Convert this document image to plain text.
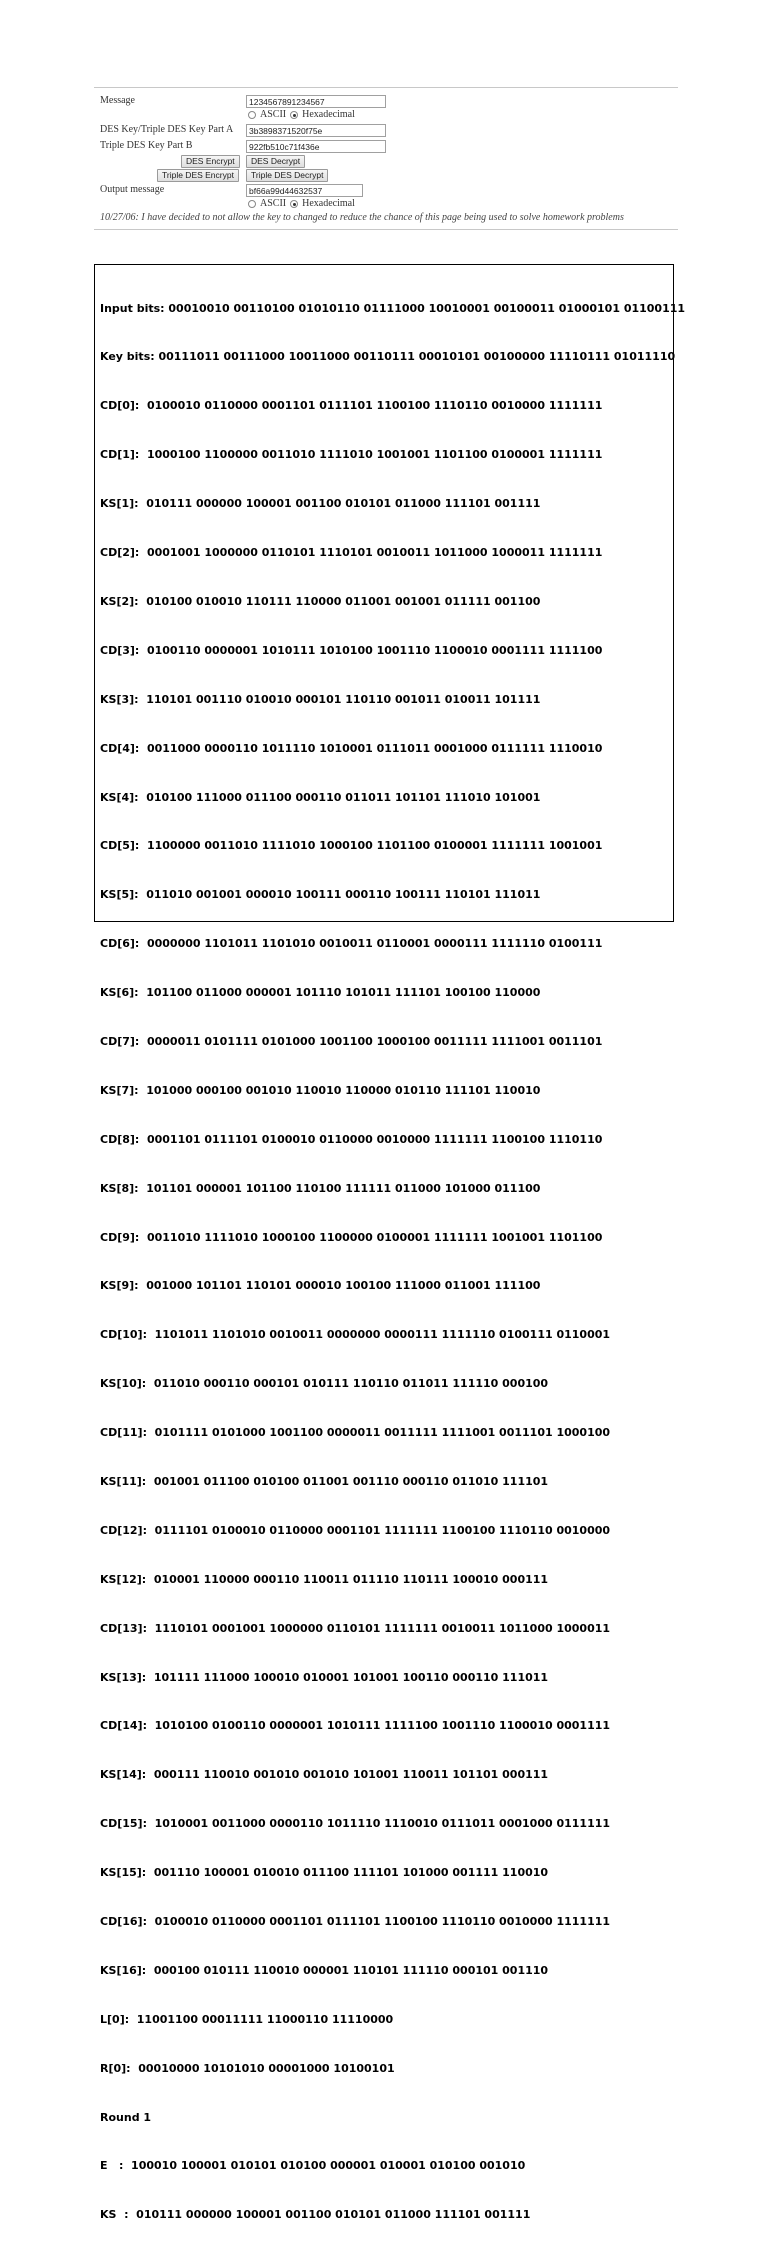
Message
1234567891234567
ASCII Hexadecimal
DES Key/Triple DES Key Part A
3b3898371520f75e
Triple DES Key Part B
922fb510c71f436e
DES Encrypt	DES Decrypt
Triple DES Encrypt	Triple DES Decrypt
Output message
bf66a99d44632537
ASCII Hexadecimal
10/27/06: I have decided to not allow the key to changed to reduce the chance of this page being used to solve homework problems

Input bits: 00010010 00110100 01010110 01111000 10010001 00100011 01000101 01100111

Key bits: 00111011 00111000 10011000 00110111 00010101 00100000 11110111 01011110

CD[0]:  0100010 0110000 0001101 0111101 1100100 1110110 0010000 1111111

CD[1]:  1000100 1100000 0011010 1111010 1001001 1101100 0100001 1111111

KS[1]:  010111 000000 100001 001100 010101 011000 111101 001111

CD[2]:  0001001 1000000 0110101 1110101 0010011 1011000 1000011 1111111

KS[2]:  010100 010010 110111 110000 011001 001001 011111 001100

CD[3]:  0100110 0000001 1010111 1010100 1001110 1100010 0001111 1111100

KS[3]:  110101 001110 010010 000101 110110 001011 010011 101111

CD[4]:  0011000 0000110 1011110 1010001 0111011 0001000 0111111 1110010

KS[4]:  010100 111000 011100 000110 011011 101101 111010 101001

CD[5]:  1100000 0011010 1111010 1000100 1101100 0100001 1111111 1001001

KS[5]:  011010 001001 000010 100111 000110 100111 110101 111011

CD[6]:  0000000 1101011 1101010 0010011 0110001 0000111 1111110 0100111

KS[6]:  101100 011000 000001 101110 101011 111101 100100 110000

CD[7]:  0000011 0101111 0101000 1001100 1000100 0011111 1111001 0011101

KS[7]:  101000 000100 001010 110010 110000 010110 111101 110010

CD[8]:  0001101 0111101 0100010 0110000 0010000 1111111 1100100 1110110

KS[8]:  101101 000001 101100 110100 111111 011000 101000 011100

CD[9]:  0011010 1111010 1000100 1100000 0100001 1111111 1001001 1101100

KS[9]:  001000 101101 110101 000010 100100 111000 011001 111100

CD[10]:  1101011 1101010 0010011 0000000 0000111 1111110 0100111 0110001

KS[10]:  011010 000110 000101 010111 110110 011011 111110 000100

CD[11]:  0101111 0101000 1001100 0000011 0011111 1111001 0011101 1000100

KS[11]:  001001 011100 010100 011001 001110 000110 011010 111101

CD[12]:  0111101 0100010 0110000 0001101 1111111 1100100 1110110 0010000

KS[12]:  010001 110000 000110 110011 011110 110111 100010 000111

CD[13]:  1110101 0001001 1000000 0110101 1111111 0010011 1011000 1000011

KS[13]:  101111 111000 100010 010001 101001 100110 000110 111011

CD[14]:  1010100 0100110 0000001 1010111 1111100 1001110 1100010 0001111

KS[14]:  000111 110010 001010 001010 101001 110011 101101 000111

CD[15]:  1010001 0011000 0000110 1011110 1110010 0111011 0001000 0111111

KS[15]:  001110 100001 010010 011100 111101 101000 001111 110010

CD[16]:  0100010 0110000 0001101 0111101 1100100 1110110 0010000 1111111

KS[16]:  000100 010111 110010 000001 110101 111110 000101 001110

L[0]:  11001100 00011111 11000110 11110000

R[0]:  00010000 10101010 00001000 10100101

Round 1

E   :  100010 100001 010101 010100 000001 010001 010100 001010

KS  :  010111 000000 100001 001100 010101 011000 111101 001111
